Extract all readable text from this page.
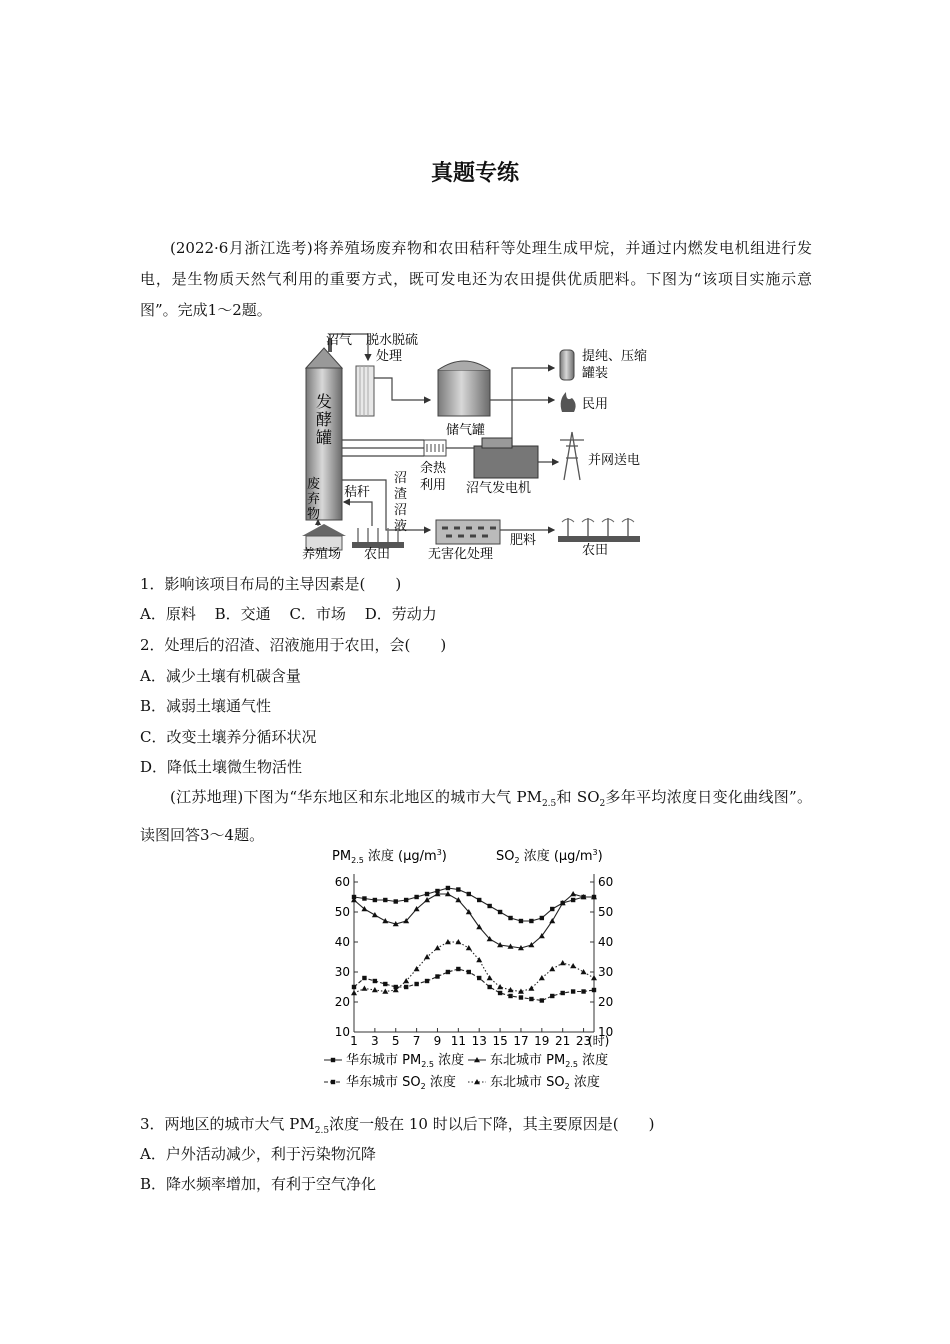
真题专练
(2022·6月浙江选考)将养殖场废弃物和农田秸秆等处理生成甲烷，并通过内燃发电机组进行发电，是生物质天然气利用的重要方式，既可发电还为农田提供优质肥料。下图为“该项目实施示意图”。完成1～2题。
沼气
发
酵
罐
脱水脱硫
处理
储气罐
提纯、压缩
罐装
民用
沼气发电机
并网送电
余热
利用
沼
渣
沼
液
废
弃
物
秸秆
养殖场 农田	无害化处理
肥料
农田
1．影响该项目布局的主导因素是(　　)
A．原料 B．交通 C．市场 D．劳动力
2．处理后的沼渣、沼液施用于农田，会(　　)
A．减少土壤有机碳含量
B．减弱土壤通气性
C．改变土壤养分循环状况
D．降低土壤微生物活性
(江苏地理)下图为“华东地区和东北地区的城市大气 $PM_{2.5}$和 $SO_2$多年平均浓度日变化曲线图”。读图回答3～4题。
$PM_{2.5}$ 浓度 $(\mu g/m^3)$	$SO_2$ 浓度 $(\mu g/m^3)$
10	10
20	20
30	30
40	40
50	50
60	60
1 3 5 7 9 11 13 15 17 19 21 23
(时)
华东城市 $PM_{2.5}$ 浓度 东北城市 $PM_{2.5}$ 浓度
华东城市 $SO_2$ 浓度	东北城市 $SO_2$ 浓度
3．两地区的城市大气 $PM_{2.5}$浓度一般在 10 时以后下降，其主要原因是(　　)
A．户外活动减少，利于污染物沉降
B．降水频率增加，有利于空气净化
